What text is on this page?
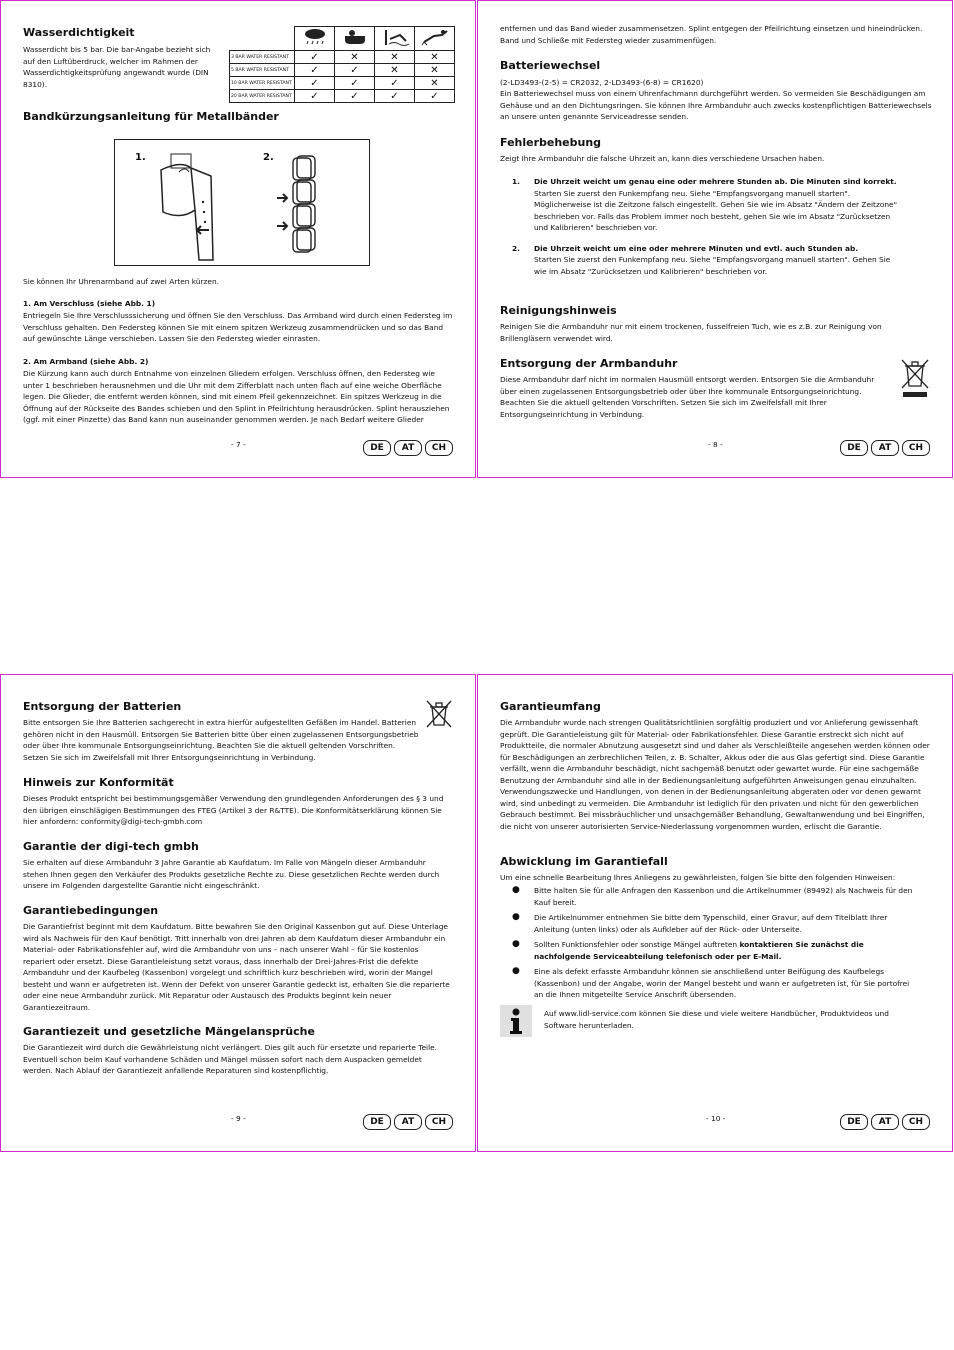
Wasserdichtigkeit

Wasserdicht bis 5 bar. Die bar-Angabe bezieht sich auf den Luftüberdruck, welcher im Rahmen der Wasserdichtigkeitsprüfung angewandt wurde (DIN 8310).

3 BAR WATER RESISTANT	✓	✕	✕	✕
5 BAR WATER RESISTANT	✓	✓	✕	✕
10 BAR WATER RESISTANT	✓	✓	✓	✕
20 BAR WATER RESISTANT	✓	✓	✓	✓
Bandkürzungsanleitung für Metallbänder
1.	2.

Sie können Ihr Uhrenarmband auf zwei Arten kürzen.

1. Am Verschluss (siehe Abb. 1)

Entriegeln Sie Ihre Verschlusssicherung und öffnen Sie den Verschluss. Das Armband wird durch einen Federsteg im Verschluss gehalten. Den Federsteg können Sie mit einem spitzen Werkzeug zusammendrücken und so das Band auf gewünschte Länge verschieben. Lassen Sie den Federsteg wieder einrasten.

2. Am Armband (siehe Abb. 2)

Die Kürzung kann auch durch Entnahme von einzelnen Gliedern erfolgen. Verschluss öffnen, den Federsteg wie unter 1 beschrieben herausnehmen und die Uhr mit dem Zifferblatt nach unten flach auf eine weiche Oberfläche legen. Die Glieder, die entfernt werden können, sind mit einem Pfeil gekennzeichnet. Ein spitzes Werkzeug in die Öffnung auf der Rückseite des Bandes schieben und den Splint in Pfeilrichtung herausdrücken. Splint herausziehen (ggf. mit einer Pinzette) das Band kann nun auseinander genommen werden. Je nach Bedarf weitere Glieder

- 7 -	DE	AT	CH

entfernen und das Band wieder zusammensetzen. Splint entgegen der Pfeilrichtung einsetzen und hineindrücken. Band und Schließe mit Federsteg wieder zusammenfügen.

Batteriewechsel

(2-LD3493-(2-5) = CR2032, 2-LD3493-(6-8) = CR1620)

Ein Batteriewechsel muss von einem Uhrenfachmann durchgeführt werden. So vermeiden Sie Beschädigungen am Gehäuse und an den Dichtungsringen. Sie können Ihre Armbanduhr auch zwecks kostenpflichtigen Batteriewechsels an unsere unten genannte Serviceadresse senden.

Fehlerbehebung

Zeigt Ihre Armbanduhr die falsche Uhrzeit an, kann dies verschiedene Ursachen haben.

1. Die Uhrzeit weicht um genau eine oder mehrere Stunden ab. Die Minuten sind korrekt.
Starten Sie zuerst den Funkempfang neu. Siehe "Empfangsvorgang manuell starten". Möglicherweise ist die Zeitzone falsch eingestellt. Gehen Sie wie im Absatz "Ändern der Zeitzone" beschrieben vor. Falls das Problem immer noch besteht, gehen Sie wie im Absatz "Zurücksetzen und Kalibrieren" beschrieben vor.
2. Die Uhrzeit weicht um eine oder mehrere Minuten und evtl. auch Stunden ab.
Starten Sie zuerst den Funkempfang neu. Siehe "Empfangsvorgang manuell starten". Gehen Sie wie im Absatz "Zurücksetzen und Kalibrieren" beschrieben vor.
Reinigungshinweis

Reinigen Sie die Armbanduhr nur mit einem trockenen, fusselfreien Tuch, wie es z.B. zur Reinigung von Brillengläsern verwendet wird.

Entsorgung der Armbanduhr

Diese Armbanduhr darf nicht im normalen Hausmüll entsorgt werden. Entsorgen Sie die Armbanduhr über einen zugelassenen Entsorgungsbetrieb oder über Ihre kommunale Entsorgungseinrichtung. Beachten Sie die aktuell geltenden Vorschriften. Setzen Sie sich im Zweifelsfall mit Ihrer Entsorgungseinrichtung in Verbindung.

- 8 -	DE	AT	CH
Entsorgung der Batterien

Bitte entsorgen Sie Ihre Batterien sachgerecht in extra hierfür aufgestellten Gefäßen im Handel. Batterien gehören nicht in den Hausmüll. Entsorgen Sie Batterien bitte über einen zugelassenen Entsorgungsbetrieb oder über Ihre kommunale Entsorgungseinrichtung. Beachten Sie die aktuell geltenden Vorschriften. Setzen Sie sich im Zweifelsfall mit Ihrer Entsorgungseinrichtung in Verbindung.

Hinweis zur Konformität

Dieses Produkt entspricht bei bestimmungsgemäßer Verwendung den grundlegenden Anforderungen des § 3 und den übrigen einschlägigen Bestimmungen des FTEG (Artikel 3 der R&TTE). Die Konformitätserklärung können Sie hier anfordern: conformity@digi-tech-gmbh.com

Garantie der digi-tech gmbh

Sie erhalten auf diese Armbanduhr 3 Jahre Garantie ab Kaufdatum. Im Falle von Mängeln dieser Armbanduhr stehen Ihnen gegen den Verkäufer des Produkts gesetzliche Rechte zu. Diese gesetzlichen Rechte werden durch unsere im Folgenden dargestellte Garantie nicht eingeschränkt.

Garantiebedingungen

Die Garantiefrist beginnt mit dem Kaufdatum. Bitte bewahren Sie den Original Kassenbon gut auf. Diese Unterlage wird als Nachweis für den Kauf benötigt. Tritt innerhalb von drei Jahren ab dem Kaufdatum dieser Armbanduhr ein Material- oder Fabrikationsfehler auf, wird die Armbanduhr von uns – nach unserer Wahl – für Sie kostenlos repariert oder ersetzt. Diese Garantieleistung setzt voraus, dass innerhalb der Drei-Jahres-Frist die defekte Armbanduhr und der Kaufbeleg (Kassenbon) vorgelegt und schriftlich kurz beschrieben wird, worin der Mangel besteht und wann er aufgetreten ist. Wenn der Defekt von unserer Garantie gedeckt ist, erhalten Sie die reparierte oder eine neue Armbanduhr zurück. Mit Reparatur oder Austausch des Produkts beginnt kein neuer Garantiezeitraum.

Garantiezeit und gesetzliche Mängelansprüche

Die Garantiezeit wird durch die Gewährleistung nicht verlängert. Dies gilt auch für ersetzte und reparierte Teile. Eventuell schon beim Kauf vorhandene Schäden und Mängel müssen sofort nach dem Auspacken gemeldet werden. Nach Ablauf der Garantiezeit anfallende Reparaturen sind kostenpflichtig.

- 9 -	DE	AT	CH
Garantieumfang

Die Armbanduhr wurde nach strengen Qualitätsrichtlinien sorgfältig produziert und vor Anlieferung gewissenhaft geprüft. Die Garantieleistung gilt für Material- oder Fabrikationsfehler. Diese Garantie erstreckt sich nicht auf Produktteile, die normaler Abnutzung ausgesetzt sind und daher als Verschleißteile angesehen werden können oder für Beschädigungen an zerbrechlichen Teilen, z. B. Schalter, Akkus oder die aus Glas gefertigt sind. Diese Garantie verfällt, wenn die Armbanduhr beschädigt, nicht sachgemäß benutzt oder gewartet wurde. Für eine sachgemäße Benutzung der Armbanduhr sind alle in der Bedienungsanleitung aufgeführten Anweisungen genau einzuhalten. Verwendungszwecke und Handlungen, von denen in der Bedienungsanleitung abgeraten oder vor denen gewarnt wird, sind unbedingt zu vermeiden. Die Armbanduhr ist lediglich für den privaten und nicht für den gewerblichen Gebrauch bestimmt. Bei missbräuchlicher und unsachgemäßer Behandlung, Gewaltanwendung und bei Eingriffen, die nicht von unserer autorisierten Service-Niederlassung vorgenommen wurden, erlischt die Garantie.

Abwicklung im Garantiefall

Um eine schnelle Bearbeitung Ihres Anliegens zu gewährleisten, folgen Sie bitte den folgenden Hinweisen:

● Bitte halten Sie für alle Anfragen den Kassenbon und die Artikelnummer (89492) als Nachweis für den Kauf bereit.
● Die Artikelnummer entnehmen Sie bitte dem Typenschild, einer Gravur, auf dem Titelblatt Ihrer Anleitung (unten links) oder als Aufkleber auf der Rück- oder Unterseite.
● Sollten Funktionsfehler oder sonstige Mängel auftreten kontaktieren Sie zunächst die nachfolgende Serviceabteilung telefonisch oder per E-Mail.
● Eine als defekt erfasste Armbanduhr können sie anschließend unter Beifügung des Kaufbelegs (Kassenbon) und der Angabe, worin der Mangel besteht und wann er aufgetreten ist, für Sie portofrei an die Ihnen mitgeteilte Service Anschrift übersenden.

Auf www.lidl-service.com können Sie diese und viele weitere Handbücher, Produktvideos und Software herunterladen.

- 10 -	DE	AT	CH
